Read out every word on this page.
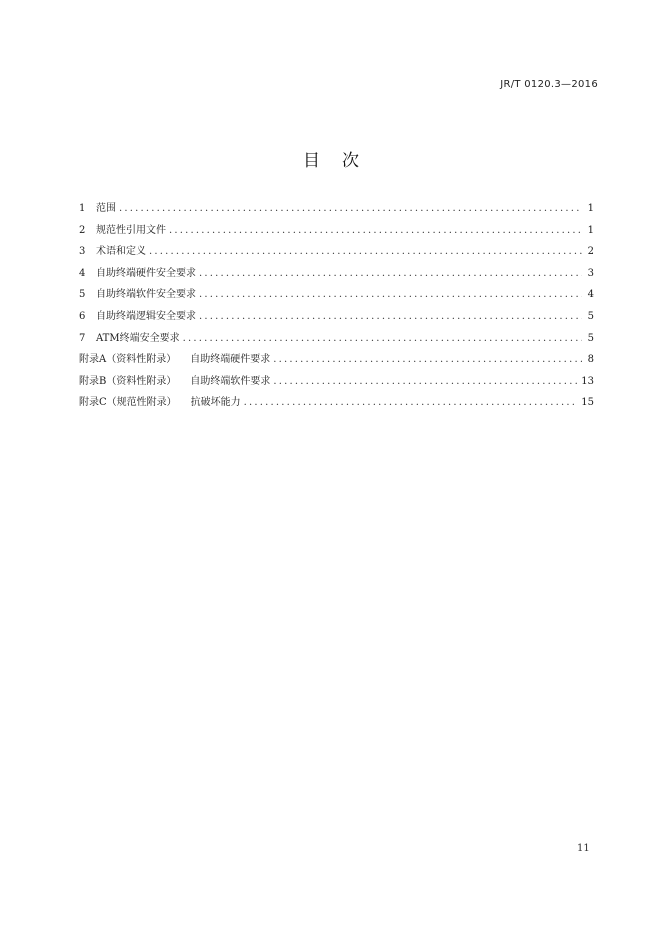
JR/T 0120.3—2016
目次
1	范围 .....	1
2	规范性引用文件 .....	1
3	术语和定义 .....	2
4	自助终端硬件安全要求 .....	3
5	自助终端软件安全要求 .....	4
6	自助终端逻辑安全要求 .....	5
7	ATM终端安全要求 .....	5
附录A（资料性附录）	自助终端硬件要求 .....	8
附录B（资料性附录）	自助终端软件要求 .....	13
附录C（规范性附录）	抗破坏能力 .....	15
11
